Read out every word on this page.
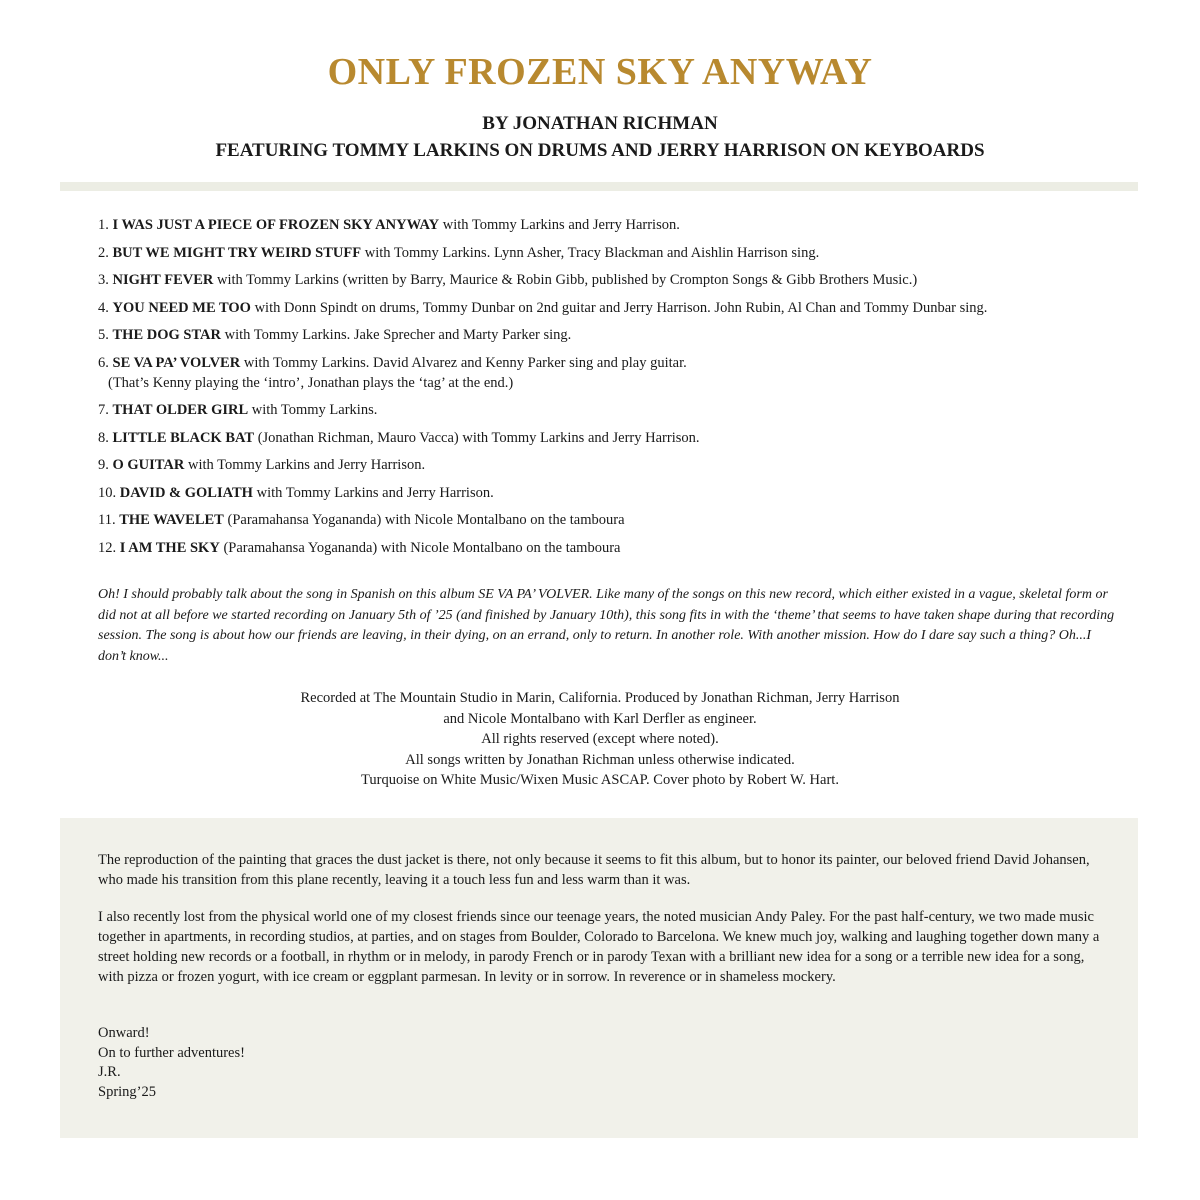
ONLY FROZEN SKY ANYWAY
BY JONATHAN RICHMAN
FEATURING TOMMY LARKINS ON DRUMS AND JERRY HARRISON ON KEYBOARDS
1. I WAS JUST A PIECE OF FROZEN SKY ANYWAY with Tommy Larkins and Jerry Harrison.
2. BUT WE MIGHT TRY WEIRD STUFF with Tommy Larkins. Lynn Asher, Tracy Blackman and Aishlin Harrison sing.
3. NIGHT FEVER with Tommy Larkins (written by Barry, Maurice & Robin Gibb, published by Crompton Songs & Gibb Brothers Music.)
4. YOU NEED ME TOO with Donn Spindt on drums, Tommy Dunbar on 2nd guitar and Jerry Harrison. John Rubin, Al Chan and Tommy Dunbar sing.
5. THE DOG STAR with Tommy Larkins. Jake Sprecher and Marty Parker sing.
6. SE VA PA’ VOLVER with Tommy Larkins. David Alvarez and Kenny Parker sing and play guitar.
(That’s Kenny playing the ‘intro’, Jonathan plays the ‘tag’ at the end.)
7. THAT OLDER GIRL with Tommy Larkins.
8. LITTLE BLACK BAT (Jonathan Richman, Mauro Vacca) with Tommy Larkins and Jerry Harrison.
9. O GUITAR with Tommy Larkins and Jerry Harrison.
10. DAVID & GOLIATH with Tommy Larkins and Jerry Harrison.
11. THE WAVELET (Paramahansa Yogananda) with Nicole Montalbano on the tamboura
12. I AM THE SKY (Paramahansa Yogananda) with Nicole Montalbano on the tamboura

Oh! I should probably talk about the song in Spanish on this album SE VA PA’ VOLVER. Like many of the songs on this new record, which either existed in a vague, skeletal form or did not at all before we started recording on January 5th of ’25 (and finished by January 10th), this song fits in with the ‘theme’ that seems to have taken shape during that recording session. The song is about how our friends are leaving, in their dying, on an errand, only to return. In another role. With another mission. How do I dare say such a thing? Oh...I don’t know...

Recorded at The Mountain Studio in Marin, California. Produced by Jonathan Richman, Jerry Harrison
and Nicole Montalbano with Karl Derfler as engineer.
All rights reserved (except where noted).
All songs written by Jonathan Richman unless otherwise indicated.
Turquoise on White Music/Wixen Music ASCAP. Cover photo by Robert W. Hart.

The reproduction of the painting that graces the dust jacket is there, not only because it seems to fit this album, but to honor its painter, our beloved friend David Johansen, who made his transition from this plane recently, leaving it a touch less fun and less warm than it was.

I also recently lost from the physical world one of my closest friends since our teenage years, the noted musician Andy Paley. For the past half-century, we two made music together in apartments, in recording studios, at parties, and on stages from Boulder, Colorado to Barcelona. We knew much joy, walking and laughing together down many a street holding new records or a football, in rhythm or in melody, in parody French or in parody Texan with a brilliant new idea for a song or a terrible new idea for a song, with pizza or frozen yogurt, with ice cream or eggplant parmesan. In levity or in sorrow. In reverence or in shameless mockery.

Onward!
On to further adventures!
J.R.
Spring’25
